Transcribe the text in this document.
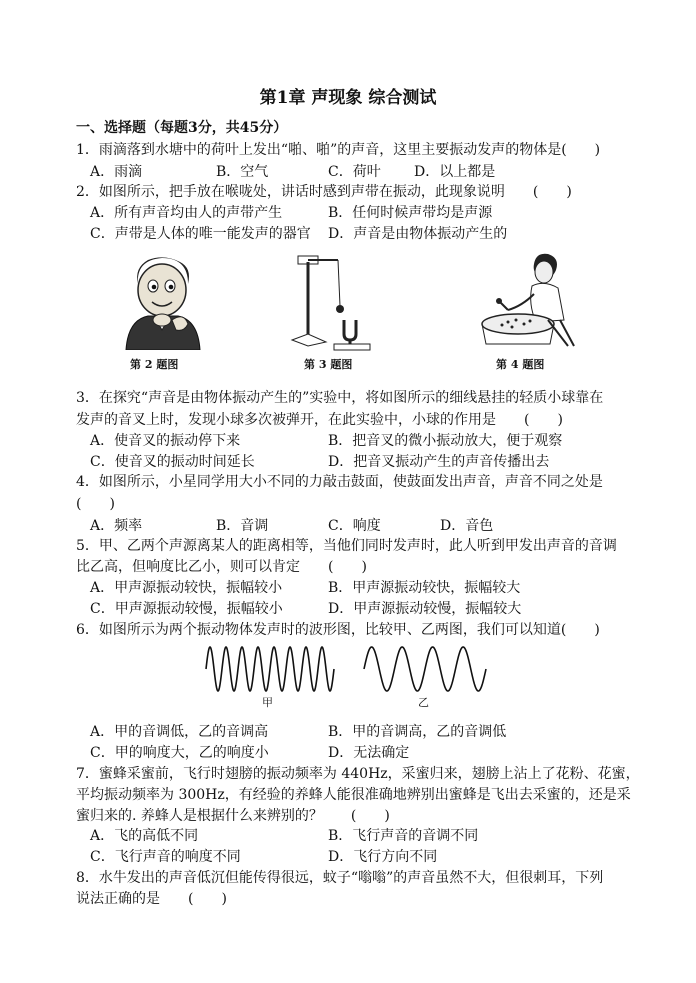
第1章 声现象 综合测试
一、选择题（每题3分，共45分）
1．雨滴落到水塘中的荷叶上发出“啪、啪”的声音，这里主要振动发声的物体是(　　)
A．雨滴	B．空气	C．荷叶 D．以上都是
2．如图所示，把手放在喉咙处，讲话时感到声带在振动，此现象说明　　(　　)
A．所有声音均由人的声带产生	B．任何时候声带均是声源
C．声带是人体的唯一能发声的器官 D．声音是由物体振动产生的
第 2 题图	第 3 题图	第 4 题图
3．在探究“声音是由物体振动产生的”实验中，将如图所示的细线悬挂的轻质小球靠在
发声的音叉上时，发现小球多次被弹开，在此实验中，小球的作用是　　(　　)
A．使音叉的振动停下来	B．把音叉的微小振动放大，便于观察
C．使音叉的振动时间延长	D．把音叉振动产生的声音传播出去
4．如图所示，小星同学用大小不同的力敲击鼓面，使鼓面发出声音，声音不同之处是
(　　)
A．频率	B．音调	C．响度	D．音色
5．甲、乙两个声源离某人的距离相等，当他们同时发声时，此人听到甲发出声音的音调
比乙高，但响度比乙小，则可以肯定　　(　　)
A．甲声源振动较快，振幅较小	B．甲声源振动较快，振幅较大
C．甲声源振动较慢，振幅较小	D．甲声源振动较慢，振幅较大
6．如图所示为两个振动物体发声时的波形图，比较甲、乙两图，我们可以知道(　　)
甲	乙
A．甲的音调低，乙的音调高	B．甲的音调高，乙的音调低
C．甲的响度大，乙的响度小	D．无法确定
7．蜜蜂采蜜前，飞行时翅膀的振动频率为 440Hz，采蜜归来，翅膀上沾上了花粉、花蜜，
平均振动频率为 300Hz，有经验的养蜂人能很准确地辨别出蜜蜂是飞出去采蜜的，还是采
蜜归来的. 养蜂人是根据什么来辨别的？　　(　　)
A．飞的高低不同	B．飞行声音的音调不同
C．飞行声音的响度不同	D．飞行方向不同
8．水牛发出的声音低沉但能传得很远，蚊子“嗡嗡”的声音虽然不大，但很刺耳，下列
说法正确的是　　(　　)
